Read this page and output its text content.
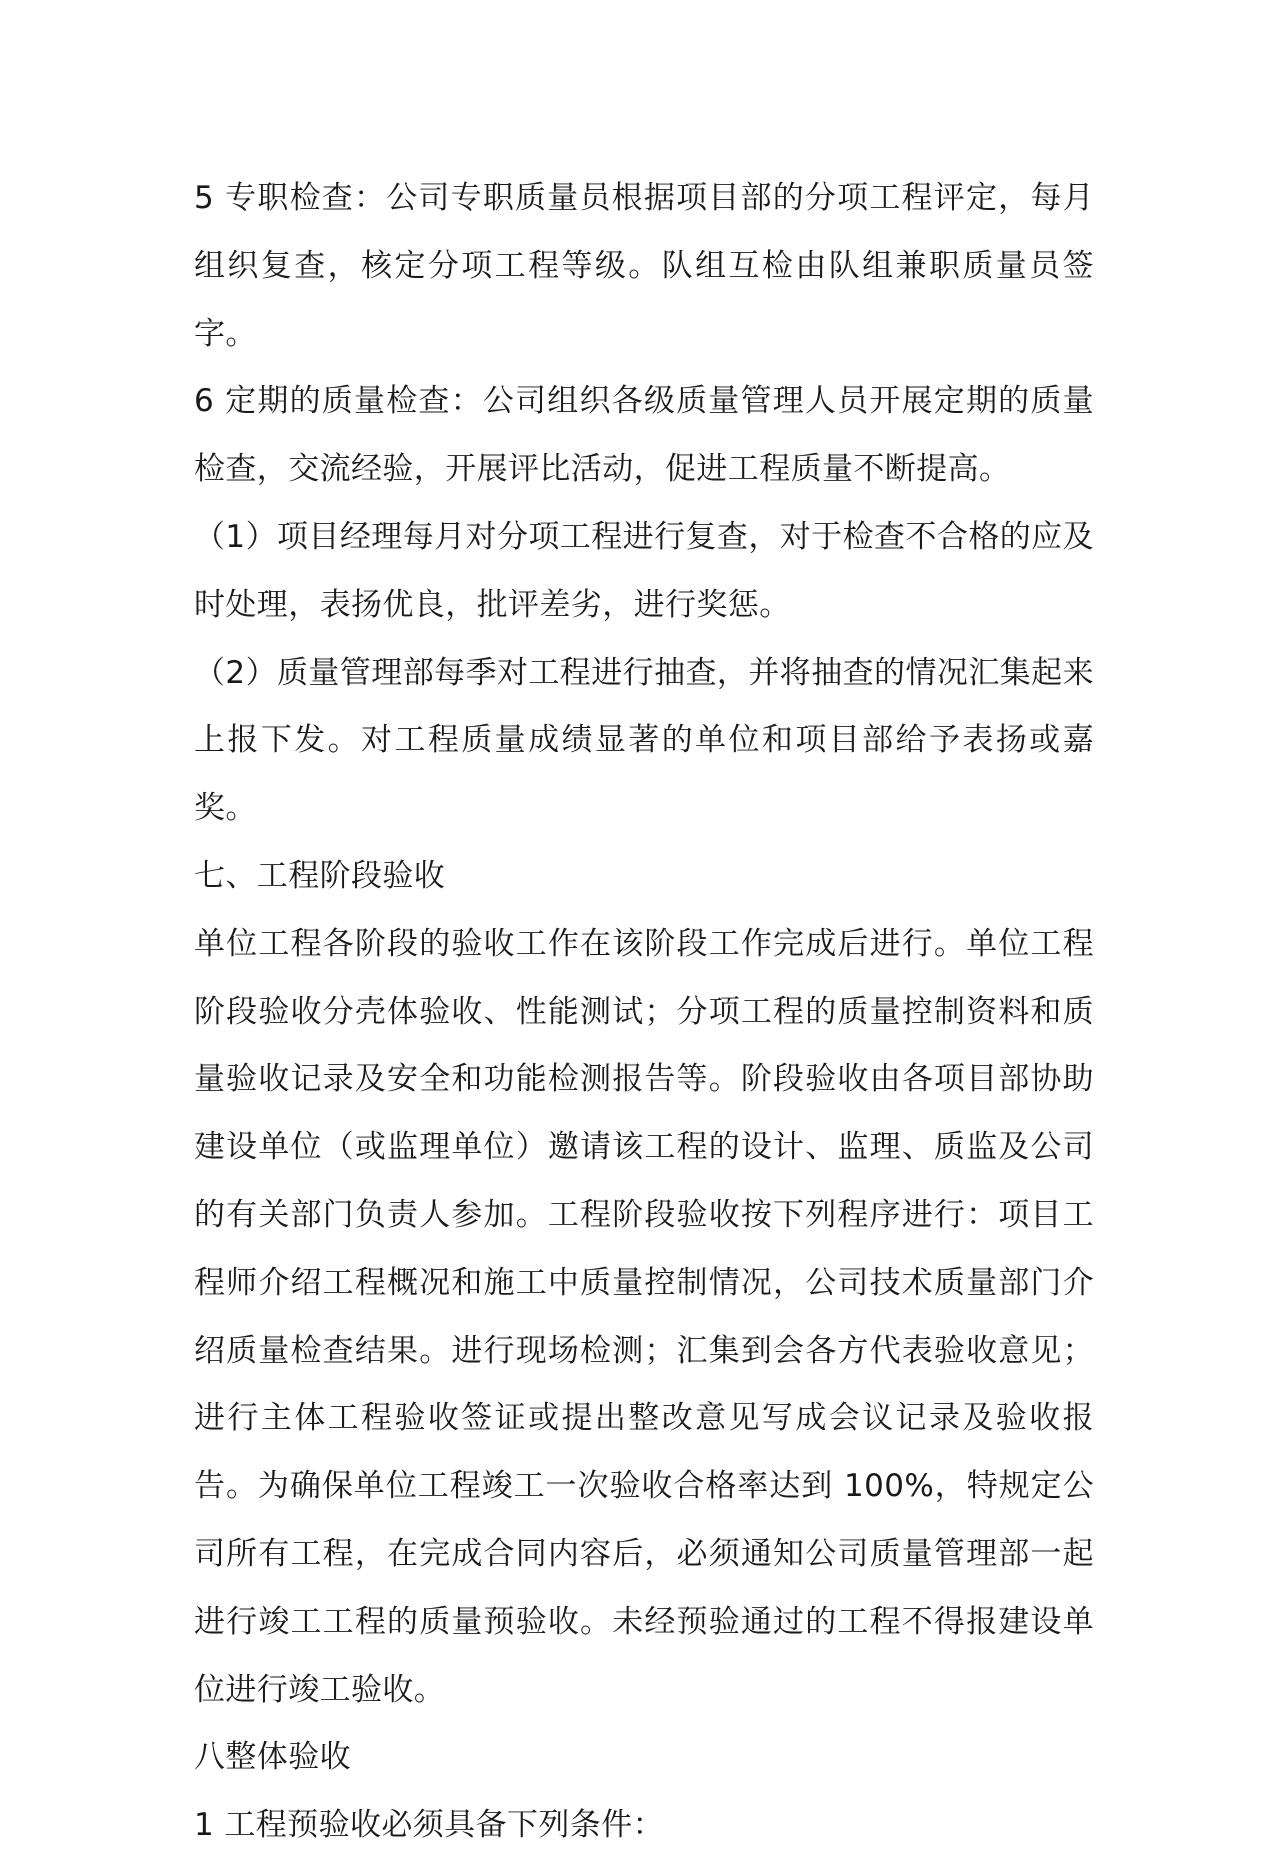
5 专职检查：公司专职质量员根据项目部的分项工程评定，每月组织复查，核定分项工程等级。队组互检由队组兼职质量员签字。

6 定期的质量检查：公司组织各级质量管理人员开展定期的质量检查，交流经验，开展评比活动，促进工程质量不断提高。

（1）项目经理每月对分项工程进行复查，对于检查不合格的应及时处理，表扬优良，批评差劣，进行奖惩。

（2）质量管理部每季对工程进行抽查，并将抽查的情况汇集起来上报下发。对工程质量成绩显著的单位和项目部给予表扬或嘉奖。

七、工程阶段验收

单位工程各阶段的验收工作在该阶段工作完成后进行。单位工程阶段验收分壳体验收、性能测试；分项工程的质量控制资料和质量验收记录及安全和功能检测报告等。阶段验收由各项目部协助建设单位（或监理单位）邀请该工程的设计、监理、质监及公司的有关部门负责人参加。工程阶段验收按下列程序进行：项目工程师介绍工程概况和施工中质量控制情况，公司技术质量部门介绍质量检查结果。进行现场检测；汇集到会各方代表验收意见；进行主体工程验收签证或提出整改意见写成会议记录及验收报告。为确保单位工程竣工一次验收合格率达到 100%，特规定公司所有工程，在完成合同内容后，必须通知公司质量管理部一起进行竣工工程的质量预验收。未经预验通过的工程不得报建设单位进行竣工验收。

八整体验收

1 工程预验收必须具备下列条件：
